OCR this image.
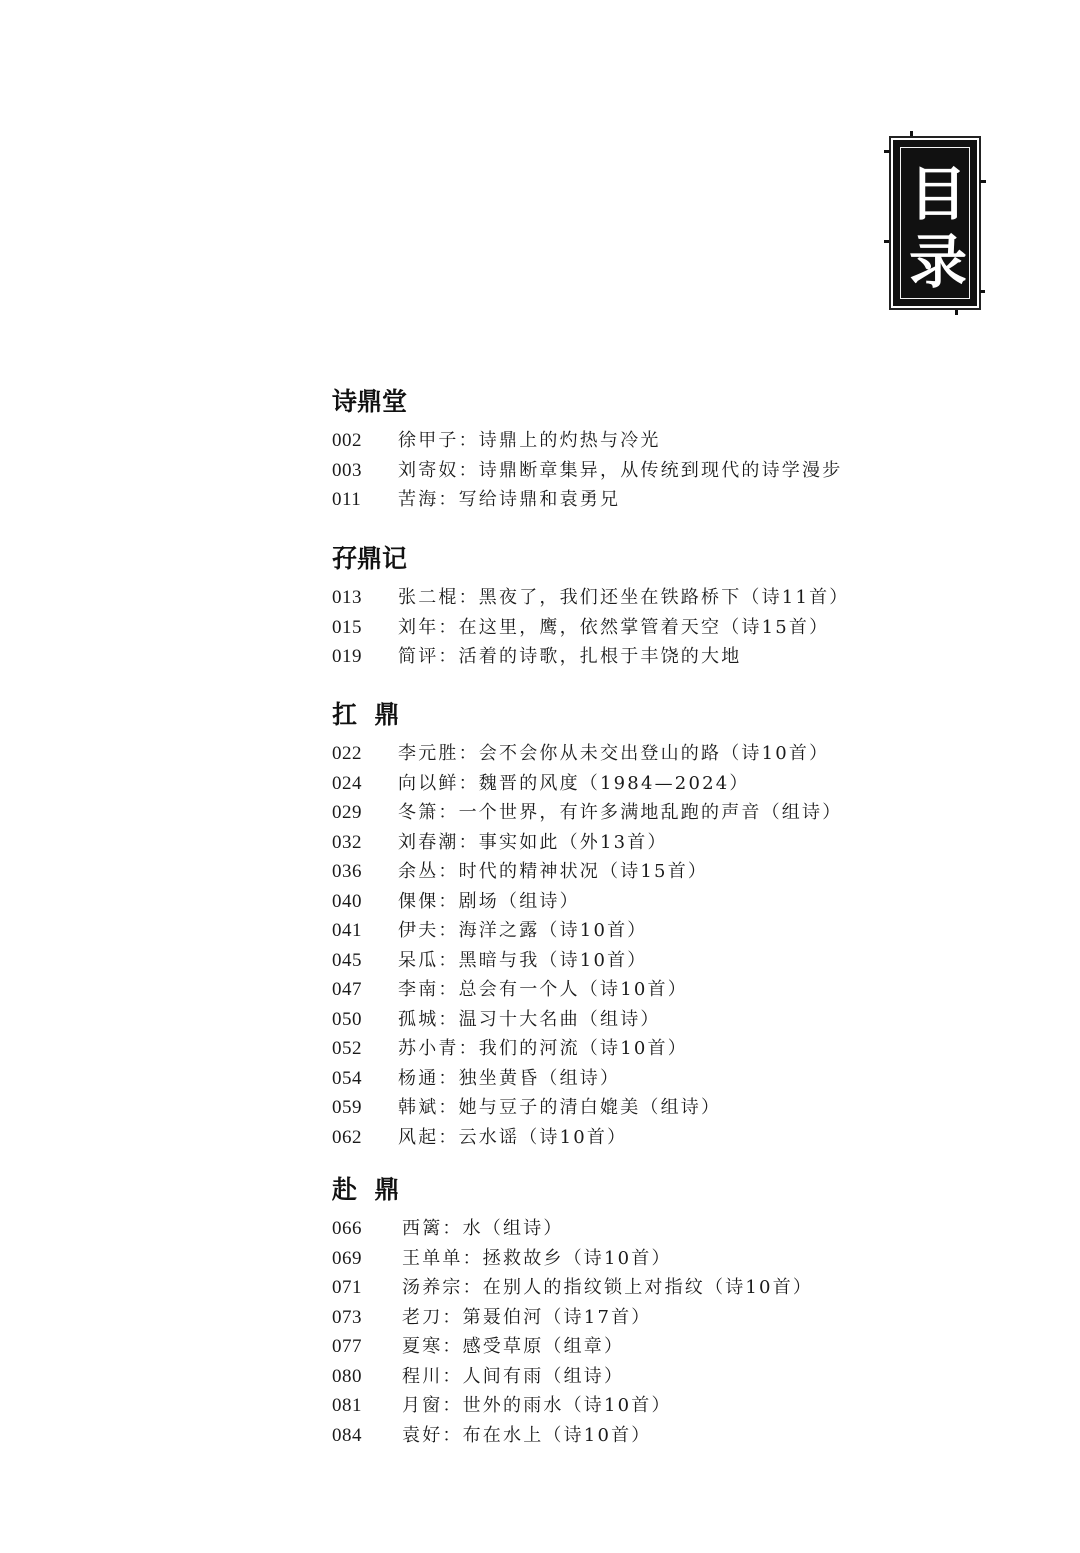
目
录
诗鼎堂
002	徐甲子：诗鼎上的灼热与冷光
003	刘寄奴：诗鼎断章集异，从传统到现代的诗学漫步
011	苦海：写给诗鼎和袁勇兄
孖鼎记
013	张二棍：黑夜了，我们还坐在铁路桥下（诗11首）
015	刘年：在这里，鹰，依然掌管着天空（诗15首）
019	简评：活着的诗歌，扎根于丰饶的大地
扛  鼎
022	李元胜：会不会你从未交出登山的路（诗10首）
024	向以鲜：魏晋的风度（1984—2024）
029	冬箫：一个世界，有许多满地乱跑的声音（组诗）
032	刘春潮：事实如此（外13首）
036	余丛：时代的精神状况（诗15首）
040	倮倮：剧场（组诗）
041	伊夫：海洋之露（诗10首）
045	呆瓜：黑暗与我（诗10首）
047	李南：总会有一个人（诗10首）
050	孤城：温习十大名曲（组诗）
052	苏小青：我们的河流（诗10首）
054	杨通：独坐黄昏（组诗）
059	韩斌：她与豆子的清白媲美（组诗）
062	风起：云水谣（诗10首）
赴  鼎
066	西篱：水（组诗）
069	王单单：拯救故乡（诗10首）
071	汤养宗：在别人的指纹锁上对指纹（诗10首）
073	老刀：第聂伯河（诗17首）
077	夏寒：感受草原（组章）
080	程川：人间有雨（组诗）
081	月窗：世外的雨水（诗10首）
084	袁好：布在水上（诗10首）
